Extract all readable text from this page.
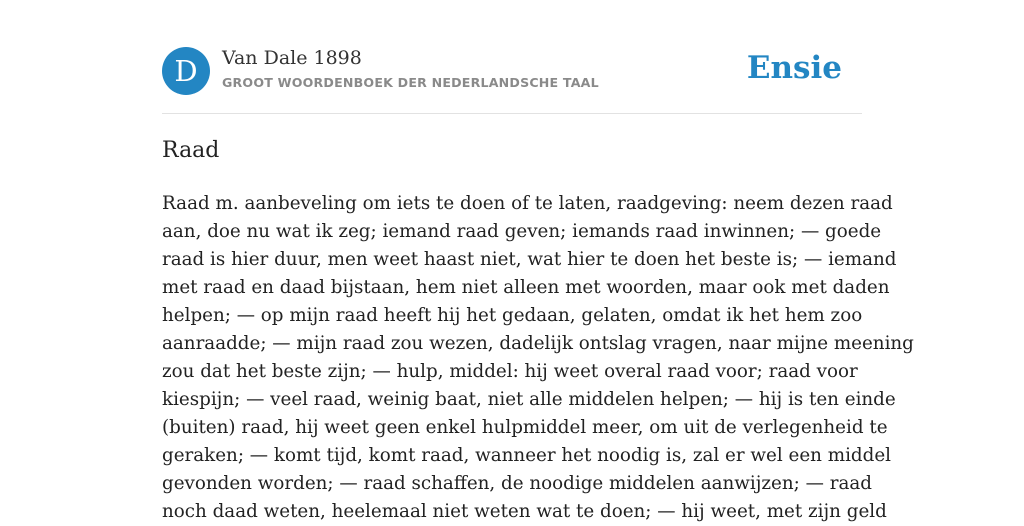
D	Van Dale 1898
GROOT WOORDENBOEK DER NEDERLANDSCHE TAAL	Ensie
Raad
Raad m. aanbeveling om iets te doen of te laten, raadgeving: neem dezen raad
aan, doe nu wat ik zeg; iemand raad geven; iemands raad inwinnen; — goede
raad is hier duur, men weet haast niet, wat hier te doen het beste is; — iemand
met raad en daad bijstaan, hem niet alleen met woorden, maar ook met daden
helpen; — op mijn raad heeft hij het gedaan, gelaten, omdat ik het hem zoo
aanraadde; — mijn raad zou wezen, dadelijk ontslag vragen, naar mijne meening
zou dat het beste zijn; — hulp, middel: hij weet overal raad voor; raad voor
kiespijn; — veel raad, weinig baat, niet alle middelen helpen; — hij is ten einde
(buiten) raad, hij weet geen enkel hulpmiddel meer, om uit de verlegenheid te
geraken; — komt tijd, komt raad, wanneer het noodig is, zal er wel een middel
gevonden worden; — raad schaffen, de noodige middelen aanwijzen; — raad
noch daad weten, heelemaal niet weten wat te doen; — hij weet, met zijn geld
